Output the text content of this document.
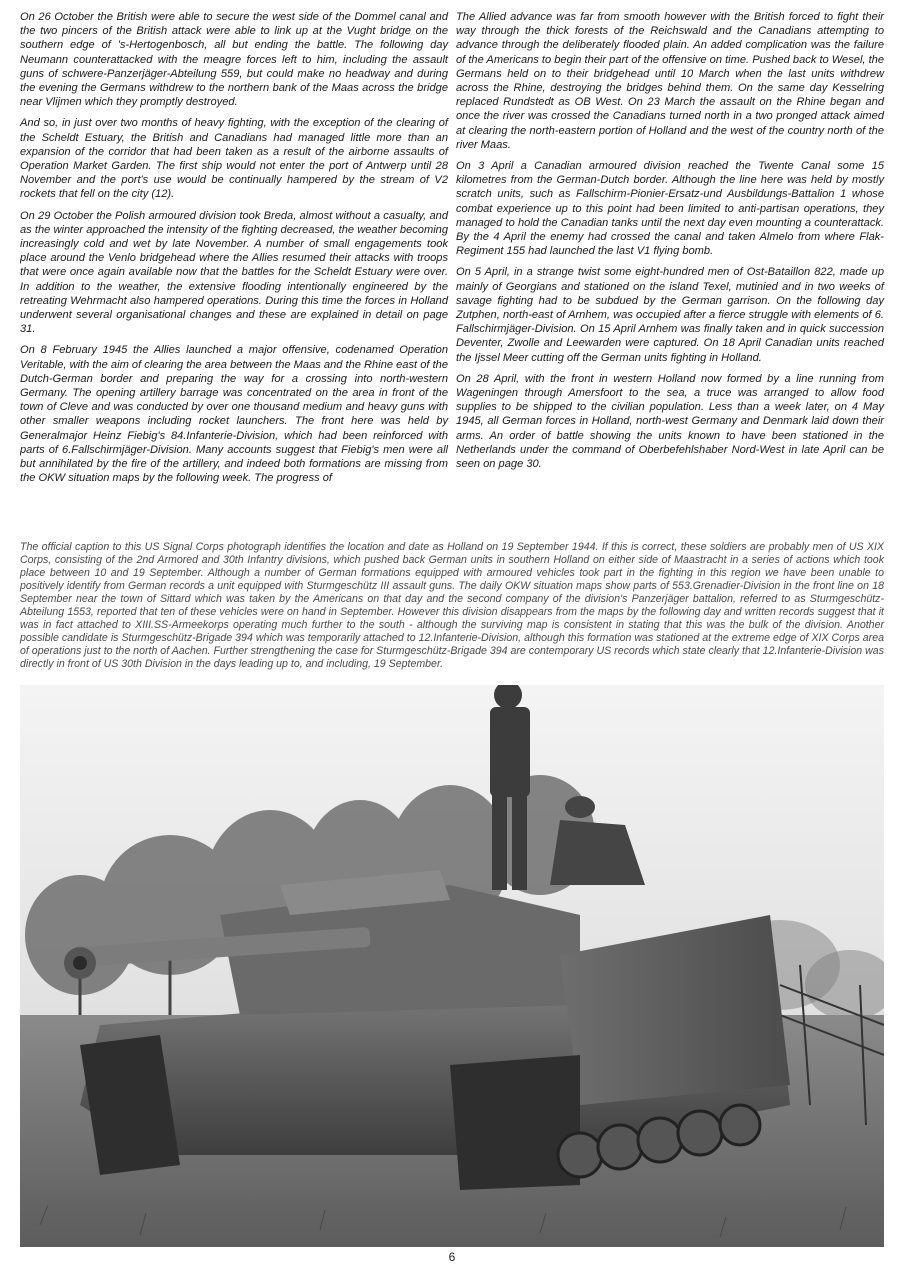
On 26 October the British were able to secure the west side of the Dommel canal and the two pincers of the British attack were able to link up at the Vught bridge on the southern edge of 's-Hertogenbosch, all but ending the battle. The following day Neumann counterattacked with the meagre forces left to him, including the assault guns of schwere-Panzerjäger-Abteilung 559, but could make no headway and during the evening the Germans withdrew to the northern bank of the Maas across the bridge near Vlijmen which they promptly destroyed.

And so, in just over two months of heavy fighting, with the exception of the clearing of the Scheldt Estuary, the British and Canadians had managed little more than an expansion of the corridor that had been taken as a result of the airborne assaults of Operation Market Garden. The first ship would not enter the port of Antwerp until 28 November and the port's use would be continually hampered by the stream of V2 rockets that fell on the city (12).

On 29 October the Polish armoured division took Breda, almost without a casualty, and as the winter approached the intensity of the fighting decreased, the weather becoming increasingly cold and wet by late November. A number of small engagements took place around the Venlo bridgehead where the Allies resumed their attacks with troops that were once again available now that the battles for the Scheldt Estuary were over. In addition to the weather, the extensive flooding intentionally engineered by the retreating Wehrmacht also hampered operations. During this time the forces in Holland underwent several organisational changes and these are explained in detail on page 31.

On 8 February 1945 the Allies launched a major offensive, codenamed Operation Veritable, with the aim of clearing the area between the Maas and the Rhine east of the Dutch-German border and preparing the way for a crossing into north-western Germany. The opening artillery barrage was concentrated on the area in front of the town of Cleve and was conducted by over one thousand medium and heavy guns with other smaller weapons including rocket launchers. The front here was held by Generalmajor Heinz Fiebig's 84.Infanterie-Division, which had been reinforced with parts of 6.Fallschirmjäger-Division. Many accounts suggest that Fiebig's men were all but annihilated by the fire of the artillery, and indeed both formations are missing from the OKW situation maps by the following week. The progress of

The Allied advance was far from smooth however with the British forced to fight their way through the thick forests of the Reichswald and the Canadians attempting to advance through the deliberately flooded plain. An added complication was the failure of the Americans to begin their part of the offensive on time. Pushed back to Wesel, the Germans held on to their bridgehead until 10 March when the last units withdrew across the Rhine, destroying the bridges behind them. On the same day Kesselring replaced Rundstedt as OB West. On 23 March the assault on the Rhine began and once the river was crossed the Canadians turned north in a two pronged attack aimed at clearing the north-eastern portion of Holland and the west of the country north of the river Maas.

On 3 April a Canadian armoured division reached the Twente Canal some 15 kilometres from the German-Dutch border. Although the line here was held by mostly scratch units, such as Fallschirm-Pionier-Ersatz-und Ausbildungs-Battalion 1 whose combat experience up to this point had been limited to anti-partisan operations, they managed to hold the Canadian tanks until the next day even mounting a counterattack. By the 4 April the enemy had crossed the canal and taken Almelo from where Flak-Regiment 155 had launched the last V1 flying bomb.

On 5 April, in a strange twist some eight-hundred men of Ost-Bataillon 822, made up mainly of Georgians and stationed on the island Texel, mutinied and in two weeks of savage fighting had to be subdued by the German garrison. On the following day Zutphen, north-east of Arnhem, was occupied after a fierce struggle with elements of 6. Fallschirmjäger-Division. On 15 April Arnhem was finally taken and in quick succession Deventer, Zwolle and Leewarden were captured. On 18 April Canadian units reached the Ijssel Meer cutting off the German units fighting in Holland.

On 28 April, with the front in western Holland now formed by a line running from Wageningen through Amersfoort to the sea, a truce was arranged to allow food supplies to be shipped to the civilian population. Less than a week later, on 4 May 1945, all German forces in Holland, north-west Germany and Denmark laid down their arms. An order of battle showing the units known to have been stationed in the Netherlands under the command of Oberbefehlshaber Nord-West in late April can be seen on page 30.

The official caption to this US Signal Corps photograph identifies the location and date as Holland on 19 September 1944. If this is correct, these soldiers are probably men of US XIX Corps, consisting of the 2nd Armored and 30th Infantry divisions, which pushed back German units in southern Holland on either side of Maastracht in a series of actions which took place between 10 and 19 September. Although a number of German formations equipped with armoured vehicles took part in the fighting in this region we have been unable to positively identify from German records a unit equipped with Sturmgeschütz III assault guns. The daily OKW situation maps show parts of 553.Grenadier-Division in the front line on 18 September near the town of Sittard which was taken by the Americans on that day and the second company of the division's Panzerjäger battalion, referred to as Sturmgeschütz-Abteilung 1553, reported that ten of these vehicles were on hand in September. However this division disappears from the maps by the following day and written records suggest that it was in fact attached to XIII.SS-Armeekorps operating much further to the south - although the surviving map is consistent in stating that this was the bulk of the division. Another possible candidate is Sturmgeschütz-Brigade 394 which was temporarily attached to 12.Infanterie-Division, although this formation was stationed at the extreme edge of XIX Corps area of operations just to the north of Aachen. Further strengthening the case for Sturmgeschütz-Brigade 394 are contemporary US records which state clearly that 12.Infanterie-Division was directly in front of US 30th Division in the days leading up to, and including, 19 September.

6
